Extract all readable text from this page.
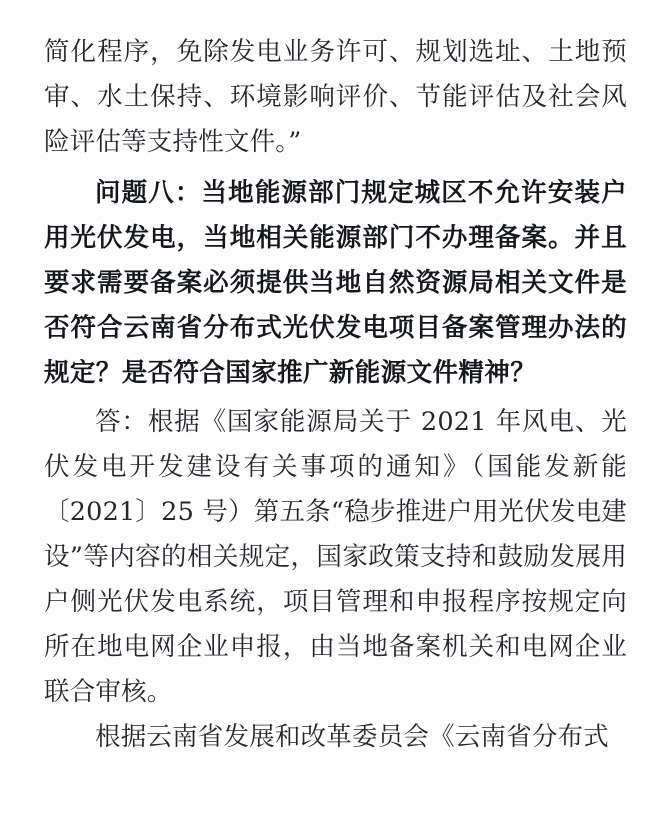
简化程序，免除发电业务许可、规划选址、土地预审、水土保持、环境影响评价、节能评估及社会风险评估等支持性文件。”

问题八：当地能源部门规定城区不允许安装户用光伏发电，当地相关能源部门不办理备案。并且要求需要备案必须提供当地自然资源局相关文件是否符合云南省分布式光伏发电项目备案管理办法的规定？是否符合国家推广新能源文件精神？

答：根据《国家能源局关于 2021 年风电、光伏发电开发建设有关事项的通知》（国能发新能〔2021〕25 号）第五条“稳步推进户用光伏发电建设”等内容的相关规定，国家政策支持和鼓励发展用户侧光伏发电系统，项目管理和申报程序按规定向所在地电网企业申报，由当地备案机关和电网企业联合审核。

根据云南省发展和改革委员会《云南省分布式
